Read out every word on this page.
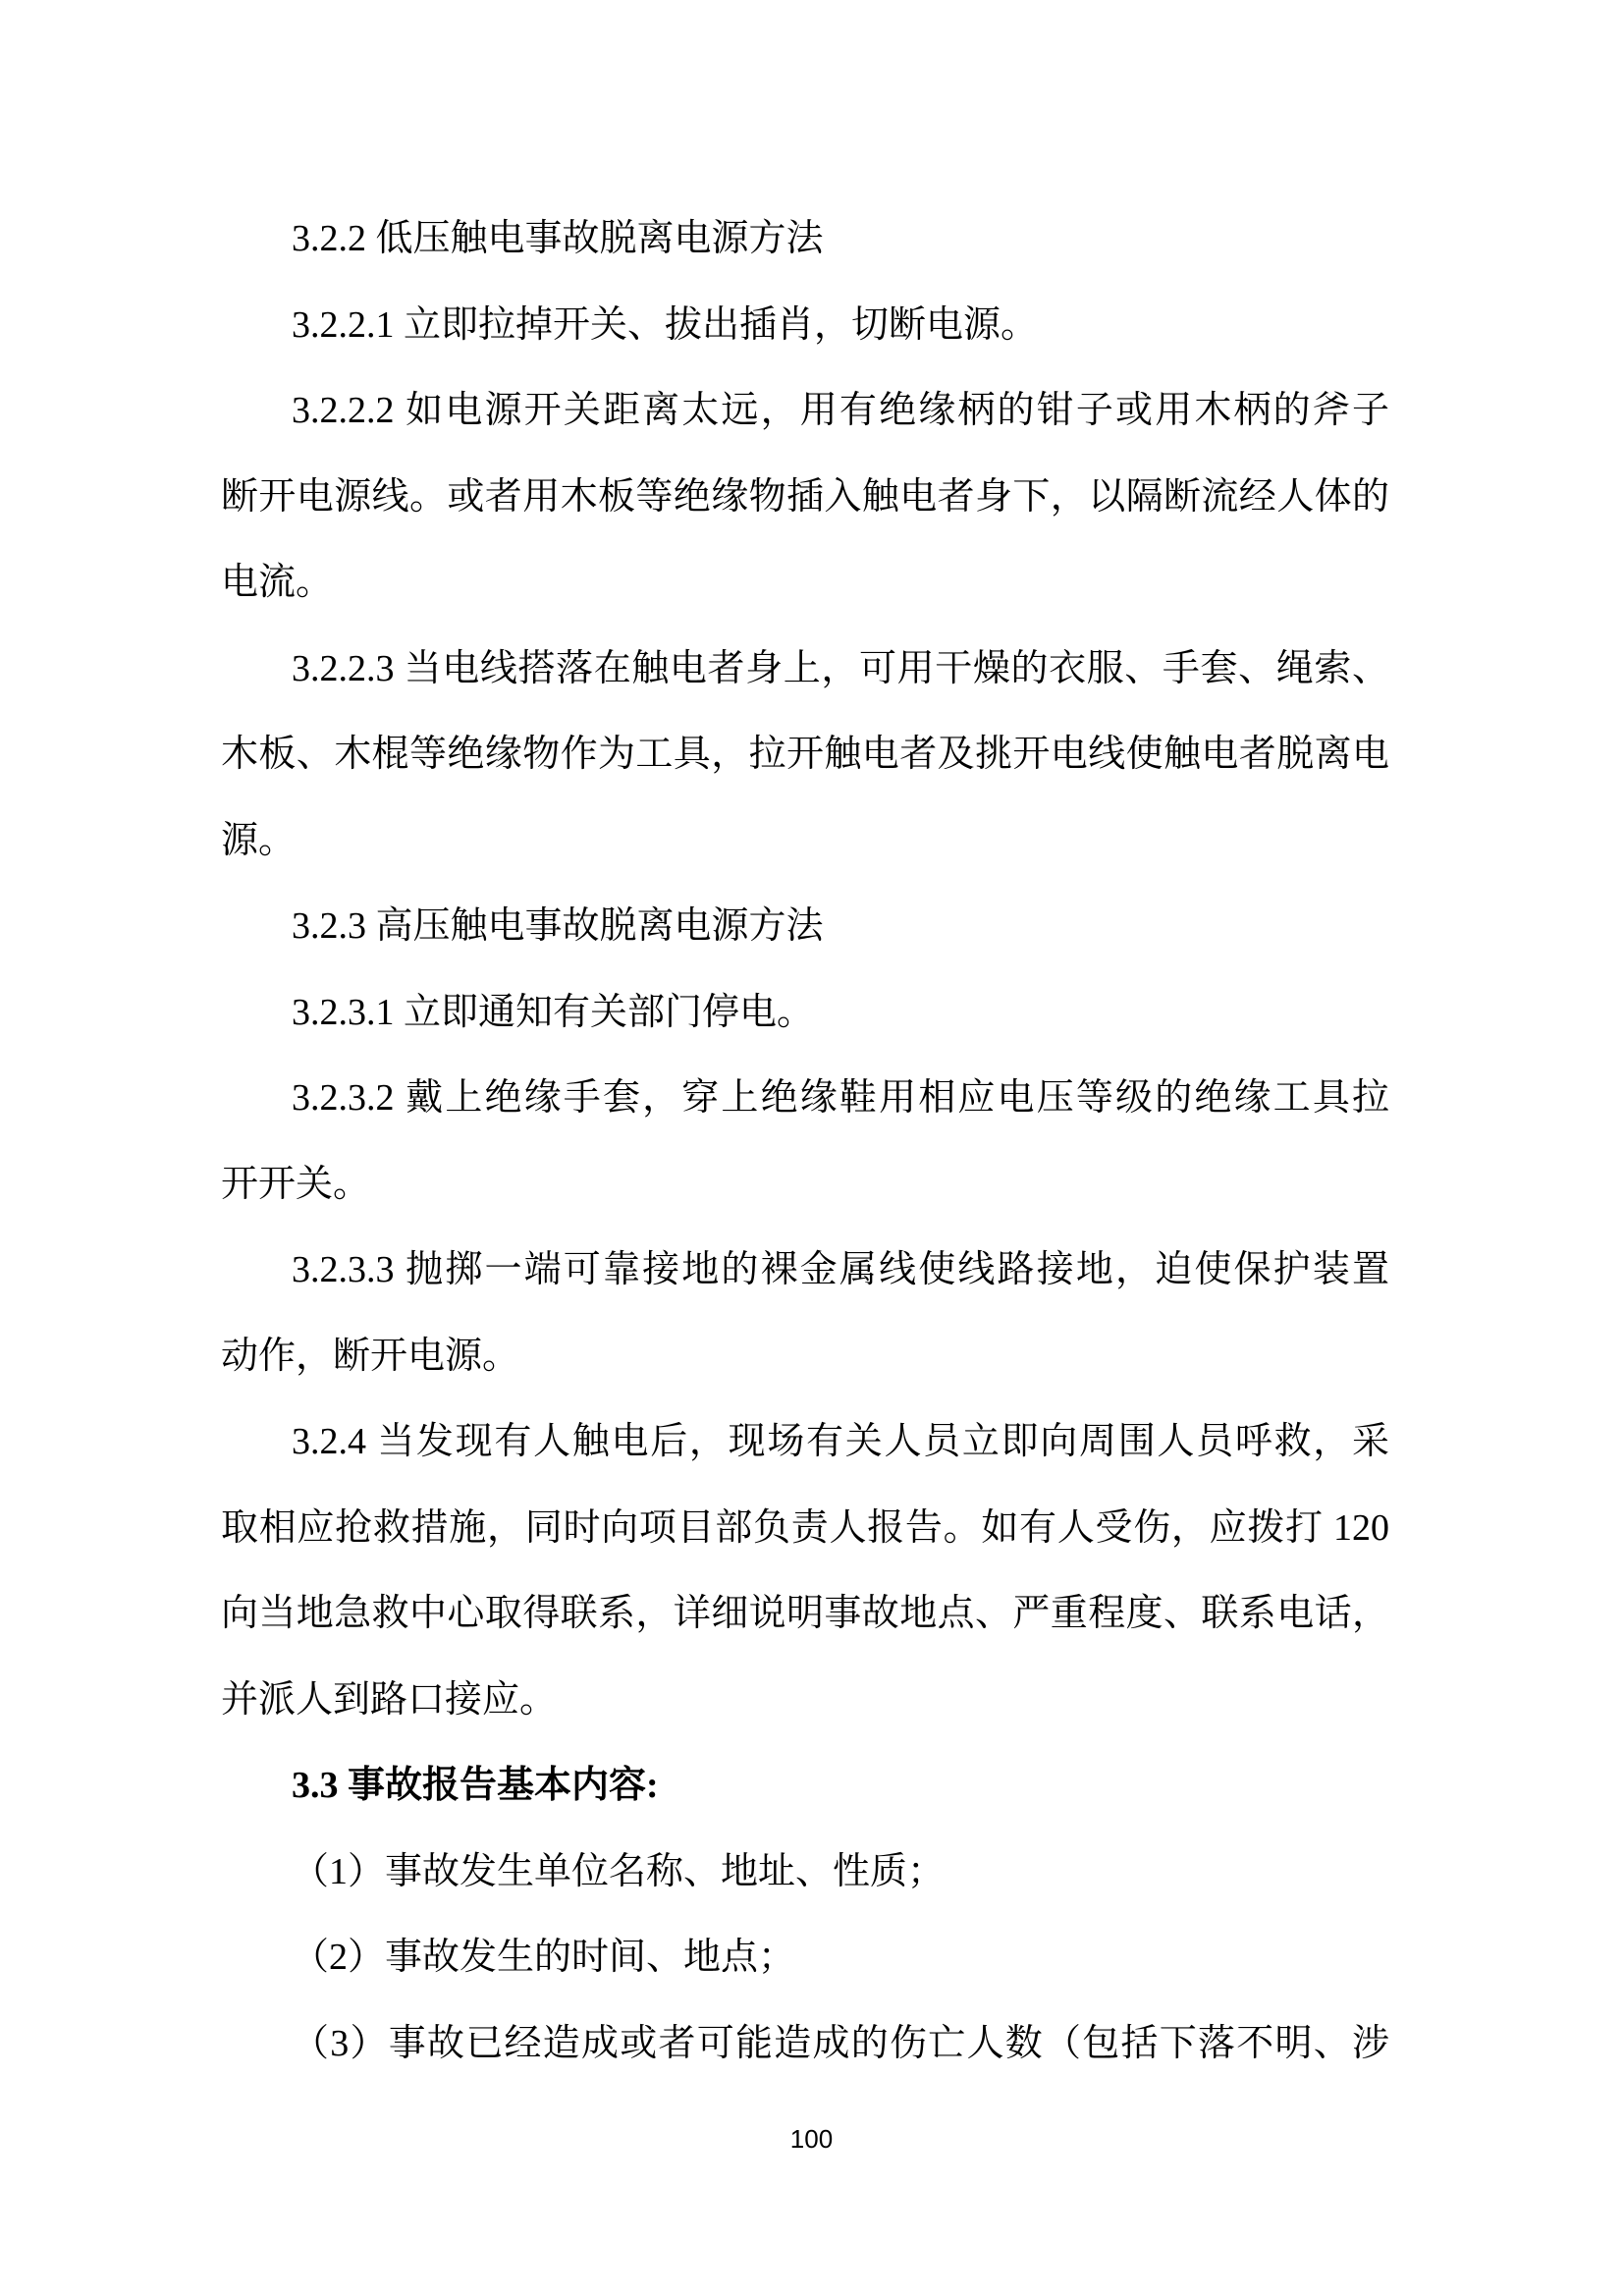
3.2.2 低压触电事故脱离电源方法
3.2.2.1 立即拉掉开关、拔出插肖，切断电源。
3.2.2.2 如电源开关距离太远，用有绝缘柄的钳子或用木柄的斧子
断开电源线。或者用木板等绝缘物插入触电者身下，以隔断流经人体的
电流。
3.2.2.3 当电线搭落在触电者身上，可用干燥的衣服、手套、绳索、
木板、木棍等绝缘物作为工具，拉开触电者及挑开电线使触电者脱离电
源。
3.2.3 高压触电事故脱离电源方法
3.2.3.1 立即通知有关部门停电。
3.2.3.2 戴上绝缘手套，穿上绝缘鞋用相应电压等级的绝缘工具拉
开开关。
3.2.3.3 抛掷一端可靠接地的裸金属线使线路接地，迫使保护装置
动作，断开电源。
3.2.4 当发现有人触电后，现场有关人员立即向周围人员呼救，采
取相应抢救措施，同时向项目部负责人报告。如有人受伤，应拨打 120
向当地急救中心取得联系，详细说明事故地点、严重程度、联系电话，
并派人到路口接应。
3.3 事故报告基本内容:
（1）事故发生单位名称、地址、性质；
（2）事故发生的时间、地点；
（3）事故已经造成或者可能造成的伤亡人数（包括下落不明、涉
100
